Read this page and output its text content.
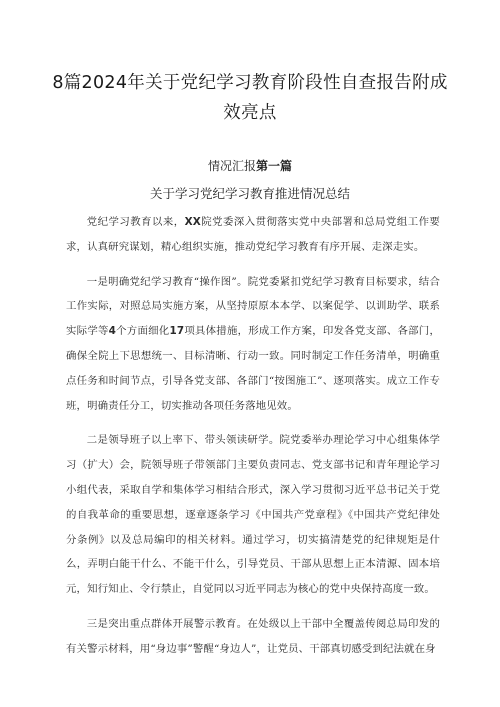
8篇2024年关于党纪学习教育阶段性自查报告附成
效亮点
情况汇报第一篇
关于学习党纪学习教育推进情况总结

党纪学习教育以来，XX院党委深入贯彻落实党中央部署和总局党组工作要求，认真研究谋划，精心组织实施，推动党纪学习教育有序开展、走深走实。

一是明确党纪学习教育“操作图”。院党委紧扣党纪学习教育目标要求，结合工作实际，对照总局实施方案，从坚持原原本本学、以案促学、以训助学、联系实际学等4个方面细化17项具体措施，形成工作方案，印发各党支部、各部门，确保全院上下思想统一、目标清晰、行动一致。同时制定工作任务清单，明确重点任务和时间节点，引导各党支部、各部门“按图施工”、逐项落实。成立工作专班，明确责任分工，切实推动各项任务落地见效。

二是领导班子以上率下、带头领读研学。院党委举办理论学习中心组集体学习（扩大）会，院领导班子带领部门主要负责同志、党支部书记和青年理论学习小组代表，采取自学和集体学习相结合形式，深入学习贯彻习近平总书记关于党的自我革命的重要思想，逐章逐条学习《中国共产党章程》《中国共产党纪律处分条例》以及总局编印的相关材料。通过学习，切实搞清楚党的纪律规矩是什么，弄明白能干什么、不能干什么，引导党员、干部从思想上正本清源、固本培元，知行知止、令行禁止，自觉同以习近平同志为核心的党中央保持高度一致。

三是突出重点群体开展警示教育。在处级以上干部中全覆盖传阅总局印发的有关警示材料，用“身边事”警醒“身边人”，让党员、干部真切感受到纪法就在身
